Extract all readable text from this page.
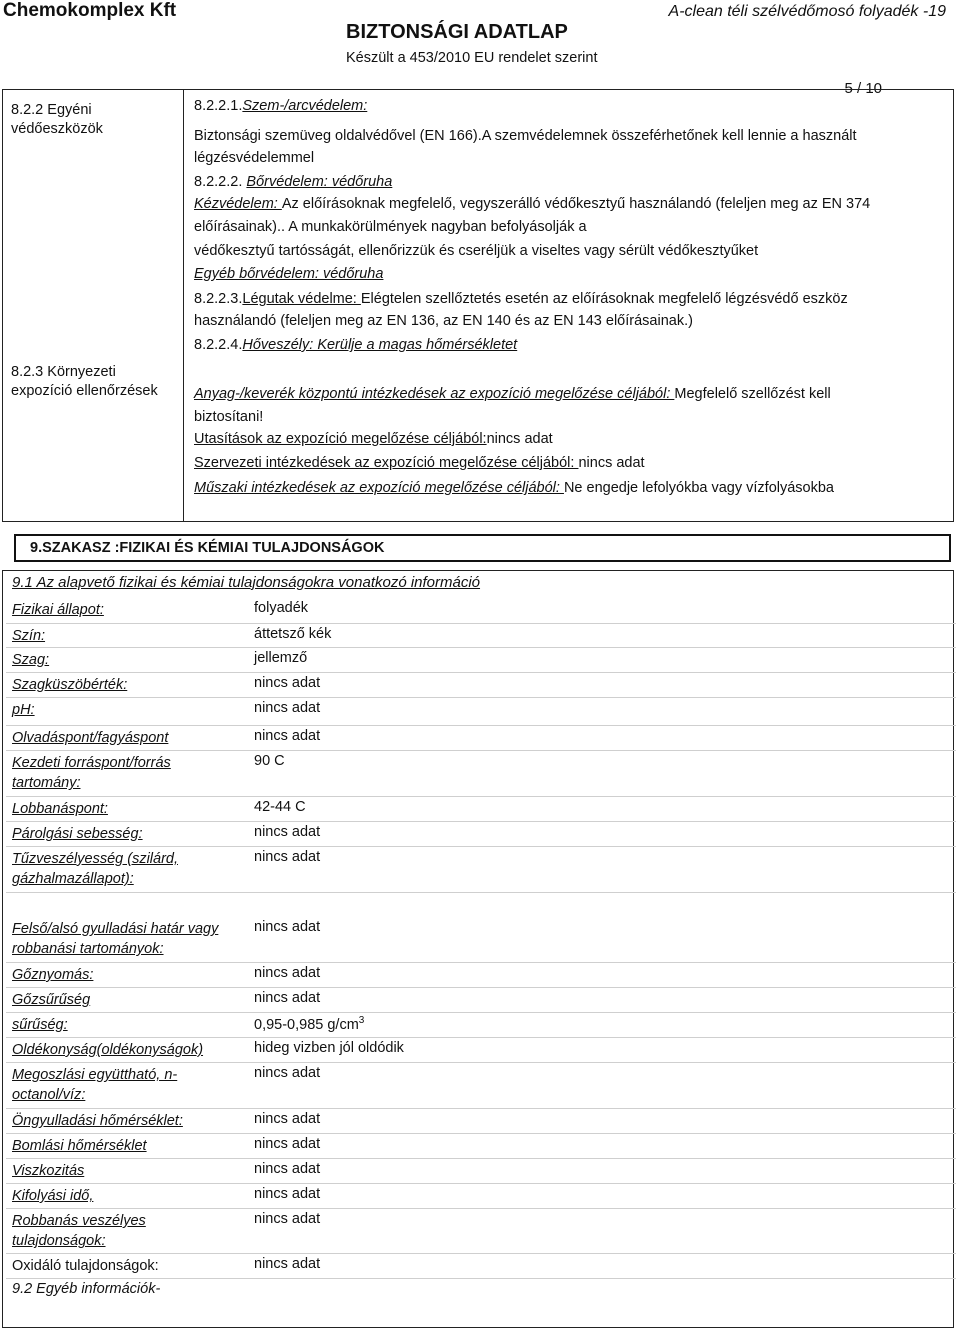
Chemokomplex Kft
BIZTONSÁGI ADATLAP
Készült a 453/2010 EU rendelet szerint
A-clean téli szélvédőmosó folyadék -19
5 / 10
8.2.2 Egyéni védőeszközök
8.2.3 Környezeti expozíció ellenőrzések
8.2.2.1.Szem-/arcvédelem:
Biztonsági szemüveg oldalvédővel (EN 166).A szemvédelemnek összeférhetőnek kell lennie a használt
légzésvédelemmel
8.2.2.2. Bőrvédelem: védőruha
Kézvédelem: Az előírásoknak megfelelő, vegyszerálló védőkesztyű használandó (feleljen meg az EN 374
előírásainak).. A munkakörülmények nagyban befolyásolják a
védőkesztyű tartósságát, ellenőrizzük és cseréljük a viseltes vagy sérült védőkesztyűket
Egyéb bőrvédelem: védőruha
8.2.2.3.Légutak védelme: Elégtelen szellőztetés esetén az előírásoknak megfelelő légzésvédő eszköz
használandó (feleljen meg az EN 136, az EN 140 és az EN 143 előírásainak.)
8.2.2.4.Hőveszély: Kerülje a magas hőmérsékletet
Anyag-/keverék központú intézkedések az expozíció megelőzése céljából: Megfelelő szellőzést kell
biztosítani!
Utasítások az expozíció megelőzése céljából:nincs adat
Szervezeti intézkedések az expozíció megelőzése céljából: nincs adat
Műszaki intézkedések az expozíció megelőzése céljából: Ne engedje lefolyókba vagy vízfolyásokba
9.SZAKASZ :FIZIKAI ÉS KÉMIAI TULAJDONSÁGOK
9.1 Az alapvető fizikai és kémiai tulajdonságokra vonatkozó információ
Fizikai állapot:	folyadék
Szín:	áttetsző kék
Szag:	jellemző
Szagküszöbérték:	nincs adat
pH:	nincs adat
Olvadáspont/fagyáspont	nincs adat
Kezdeti forráspont/forrás tartomány:
90 C
Lobbanáspont:	42-44 C
Párolgási sebesség:	nincs adat
Tűzveszélyesség (szilárd, gázhalmazállapot):
nincs adat
Felső/alsó gyulladási határ vagy robbanási tartományok:
nincs adat
Gőznyomás:	nincs adat
Gőzsűrűség	nincs adat
sűrűség:	0,95-0,985 $g/cm^3$
Oldékonyság(oldékonyságok)	hideg vizben jól oldódik
Megoszlási együttható, n-octanol/víz:
nincs adat
Öngyulladási hőmérséklet:	nincs adat
Bomlási hőmérséklet	nincs adat
Viszkozitás	nincs adat
Kifolyási idő,	nincs adat
Robbanás veszélyes tulajdonságok:
nincs adat
Oxidáló tulajdonságok:	nincs adat
9.2 Egyéb információk-
